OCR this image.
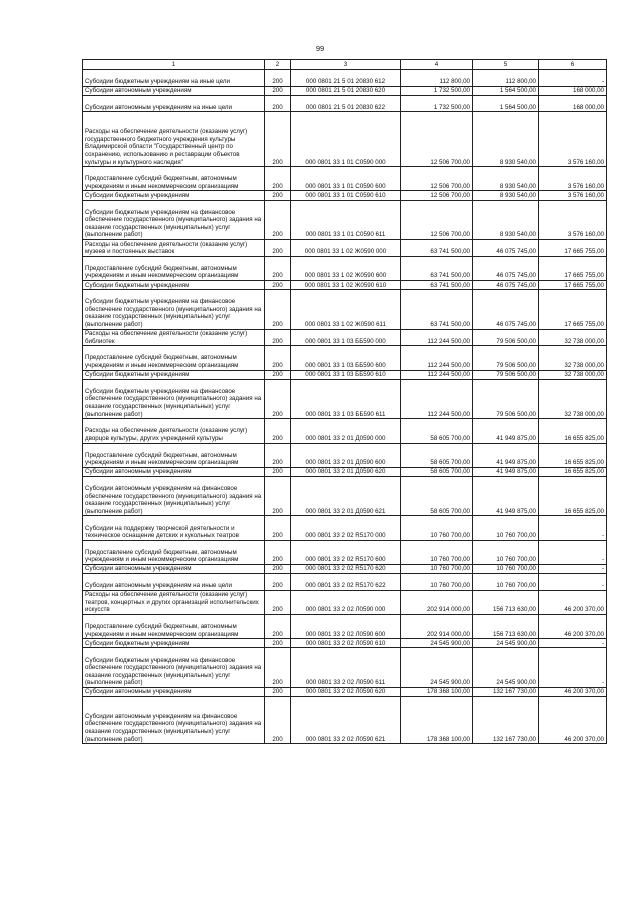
99
1	2	3	4	5	6
Субсидии бюджетным учреждениям на иные цели	200	000 0801 21 5 01 20830 612	112 800,00	112 800,00	-
Субсидии автономным учреждениям	200	000 0801 21 5 01 20830 620	1 732 500,00	1 564 500,00	168 000,00
Субсидии автономным учреждениям на иные цели	200	000 0801 21 5 01 20830 622	1 732 500,00	1 564 500,00	168 000,00
Расходы на обеспечение деятельности (оказание услуг) государственного бюджетного учреждения культуры Владимирской области "Государственный центр по сохранению, использованию и реставрации объектов культуры и культурного наследия"	200	000 0801 33 1 01 С0590 000	12 506 700,00	8 930 540,00	3 576 160,00
Предоставление субсидий бюджетным, автономным учреждениям и иным некоммерческим организациям	200	000 0801 33 1 01 С0590 600	12 506 700,00	8 930 540,00	3 576 160,00
Субсидии бюджетным учреждениям	200	000 0801 33 1 01 С0590 610	12 506 700,00	8 930 540,00	3 576 160,00
Субсидии бюджетным учреждениям на финансовое обеспечение государственного (муниципального) задания на оказание государственных (муниципальных) услуг (выполнение работ)	200	000 0801 33 1 01 С0590 611	12 506 700,00	8 930 540,00	3 576 160,00
Расходы на обеспечение деятельности (оказание услуг) музеев и постоянных выставок	200	000 0801 33 1 02 Ж0590 000	63 741 500,00	46 075 745,00	17 665 755,00
Предоставление субсидий бюджетным, автономным учреждениям и иным некоммерческим организациям	200	000 0801 33 1 02 Ж0590 600	63 741 500,00	46 075 745,00	17 665 755,00
Субсидии бюджетным учреждениям	200	000 0801 33 1 02 Ж0590 610	63 741 500,00	46 075 745,00	17 665 755,00
Субсидии бюджетным учреждениям на финансовое обеспечение государственного (муниципального) задания на оказание государственных (муниципальных) услуг (выполнение работ)	200	000 0801 33 1 02 Ж0590 611	63 741 500,00	46 075 745,00	17 665 755,00
Расходы на обеспечение деятельности (оказание услуг) библиотек	200	000 0801 33 1 03 ББ590 000	112 244 500,00	79 506 500,00	32 738 000,00
Предоставление субсидий бюджетным, автономным учреждениям и иным некоммерческим организациям	200	000 0801 33 1 03 ББ590 600	112 244 500,00	79 506 500,00	32 738 000,00
Субсидии бюджетным учреждениям	200	000 0801 33 1 03 ББ590 610	112 244 500,00	79 506 500,00	32 738 000,00
Субсидии бюджетным учреждениям на финансовое обеспечение государственного (муниципального) задания на оказание государственных (муниципальных) услуг (выполнение работ)	200	000 0801 33 1 03 ББ590 611	112 244 500,00	79 506 500,00	32 738 000,00
Расходы на обеспечение деятельности (оказание услуг) дворцов культуры, других учреждений культуры	200	000 0801 33 2 01 Д0590 000	58 605 700,00	41 949 875,00	16 655 825,00
Предоставление субсидий бюджетным, автономным учреждениям и иным некоммерческим организациям	200	000 0801 33 2 01 Д0590 600	58 605 700,00	41 949 875,00	16 655 825,00
Субсидии автономным учреждениям	200	000 0801 33 2 01 Д0590 620	58 605 700,00	41 949 875,00	16 655 825,00
Субсидии автономным учреждениям на финансовое обеспечение государственного (муниципального) задания на оказание государственных (муниципальных) услуг (выполнение работ)	200	000 0801 33 2 01 Д0590 621	58 605 700,00	41 949 875,00	16 655 825,00
Субсидии на поддержку творческой деятельности и техническое оснащение детских и кукольных театров	200	000 0801 33 2 02 R5170 000	10 760 700,00	10 760 700,00	-
Предоставление субсидий бюджетным, автономным учреждениям и иным некоммерческим организациям	200	000 0801 33 2 02 R5170 600	10 760 700,00	10 760 700,00	-
Субсидии автономным учреждениям	200	000 0801 33 2 02 R5170 620	10 760 700,00	10 760 700,00	-
Субсидии автономным учреждениям на иные цели	200	000 0801 33 2 02 R5170 622	10 760 700,00	10 760 700,00	-
Расходы на обеспечение деятельности (оказание услуг) театров, концертных и других организаций исполнительских искусств	200	000 0801 33 2 02 Л0590 000	202 914 000,00	156 713 630,00	46 200 370,00
Предоставление субсидий бюджетным, автономным учреждениям и иным некоммерческим организациям	200	000 0801 33 2 02 Л0590 600	202 914 000,00	156 713 630,00	46 200 370,00
Субсидии бюджетным учреждениям	200	000 0801 33 2 02 Л0590 610	24 545 900,00	24 545 900,00	-
Субсидии бюджетным учреждениям на финансовое обеспечение государственного (муниципального) задания на оказание государственных (муниципальных) услуг (выполнение работ)	200	000 0801 33 2 02 Л0590 611	24 545 900,00	24 545 900,00	-
Субсидии автономным учреждениям	200	000 0801 33 2 02 Л0590 620	178 368 100,00	132 167 730,00	46 200 370,00
Субсидии автономным учреждениям на финансовое обеспечение государственного (муниципального) задания на оказание государственных (муниципальных) услуг (выполнение работ)	200	000 0801 33 2 02 Л0590 621	178 368 100,00	132 167 730,00	46 200 370,00
